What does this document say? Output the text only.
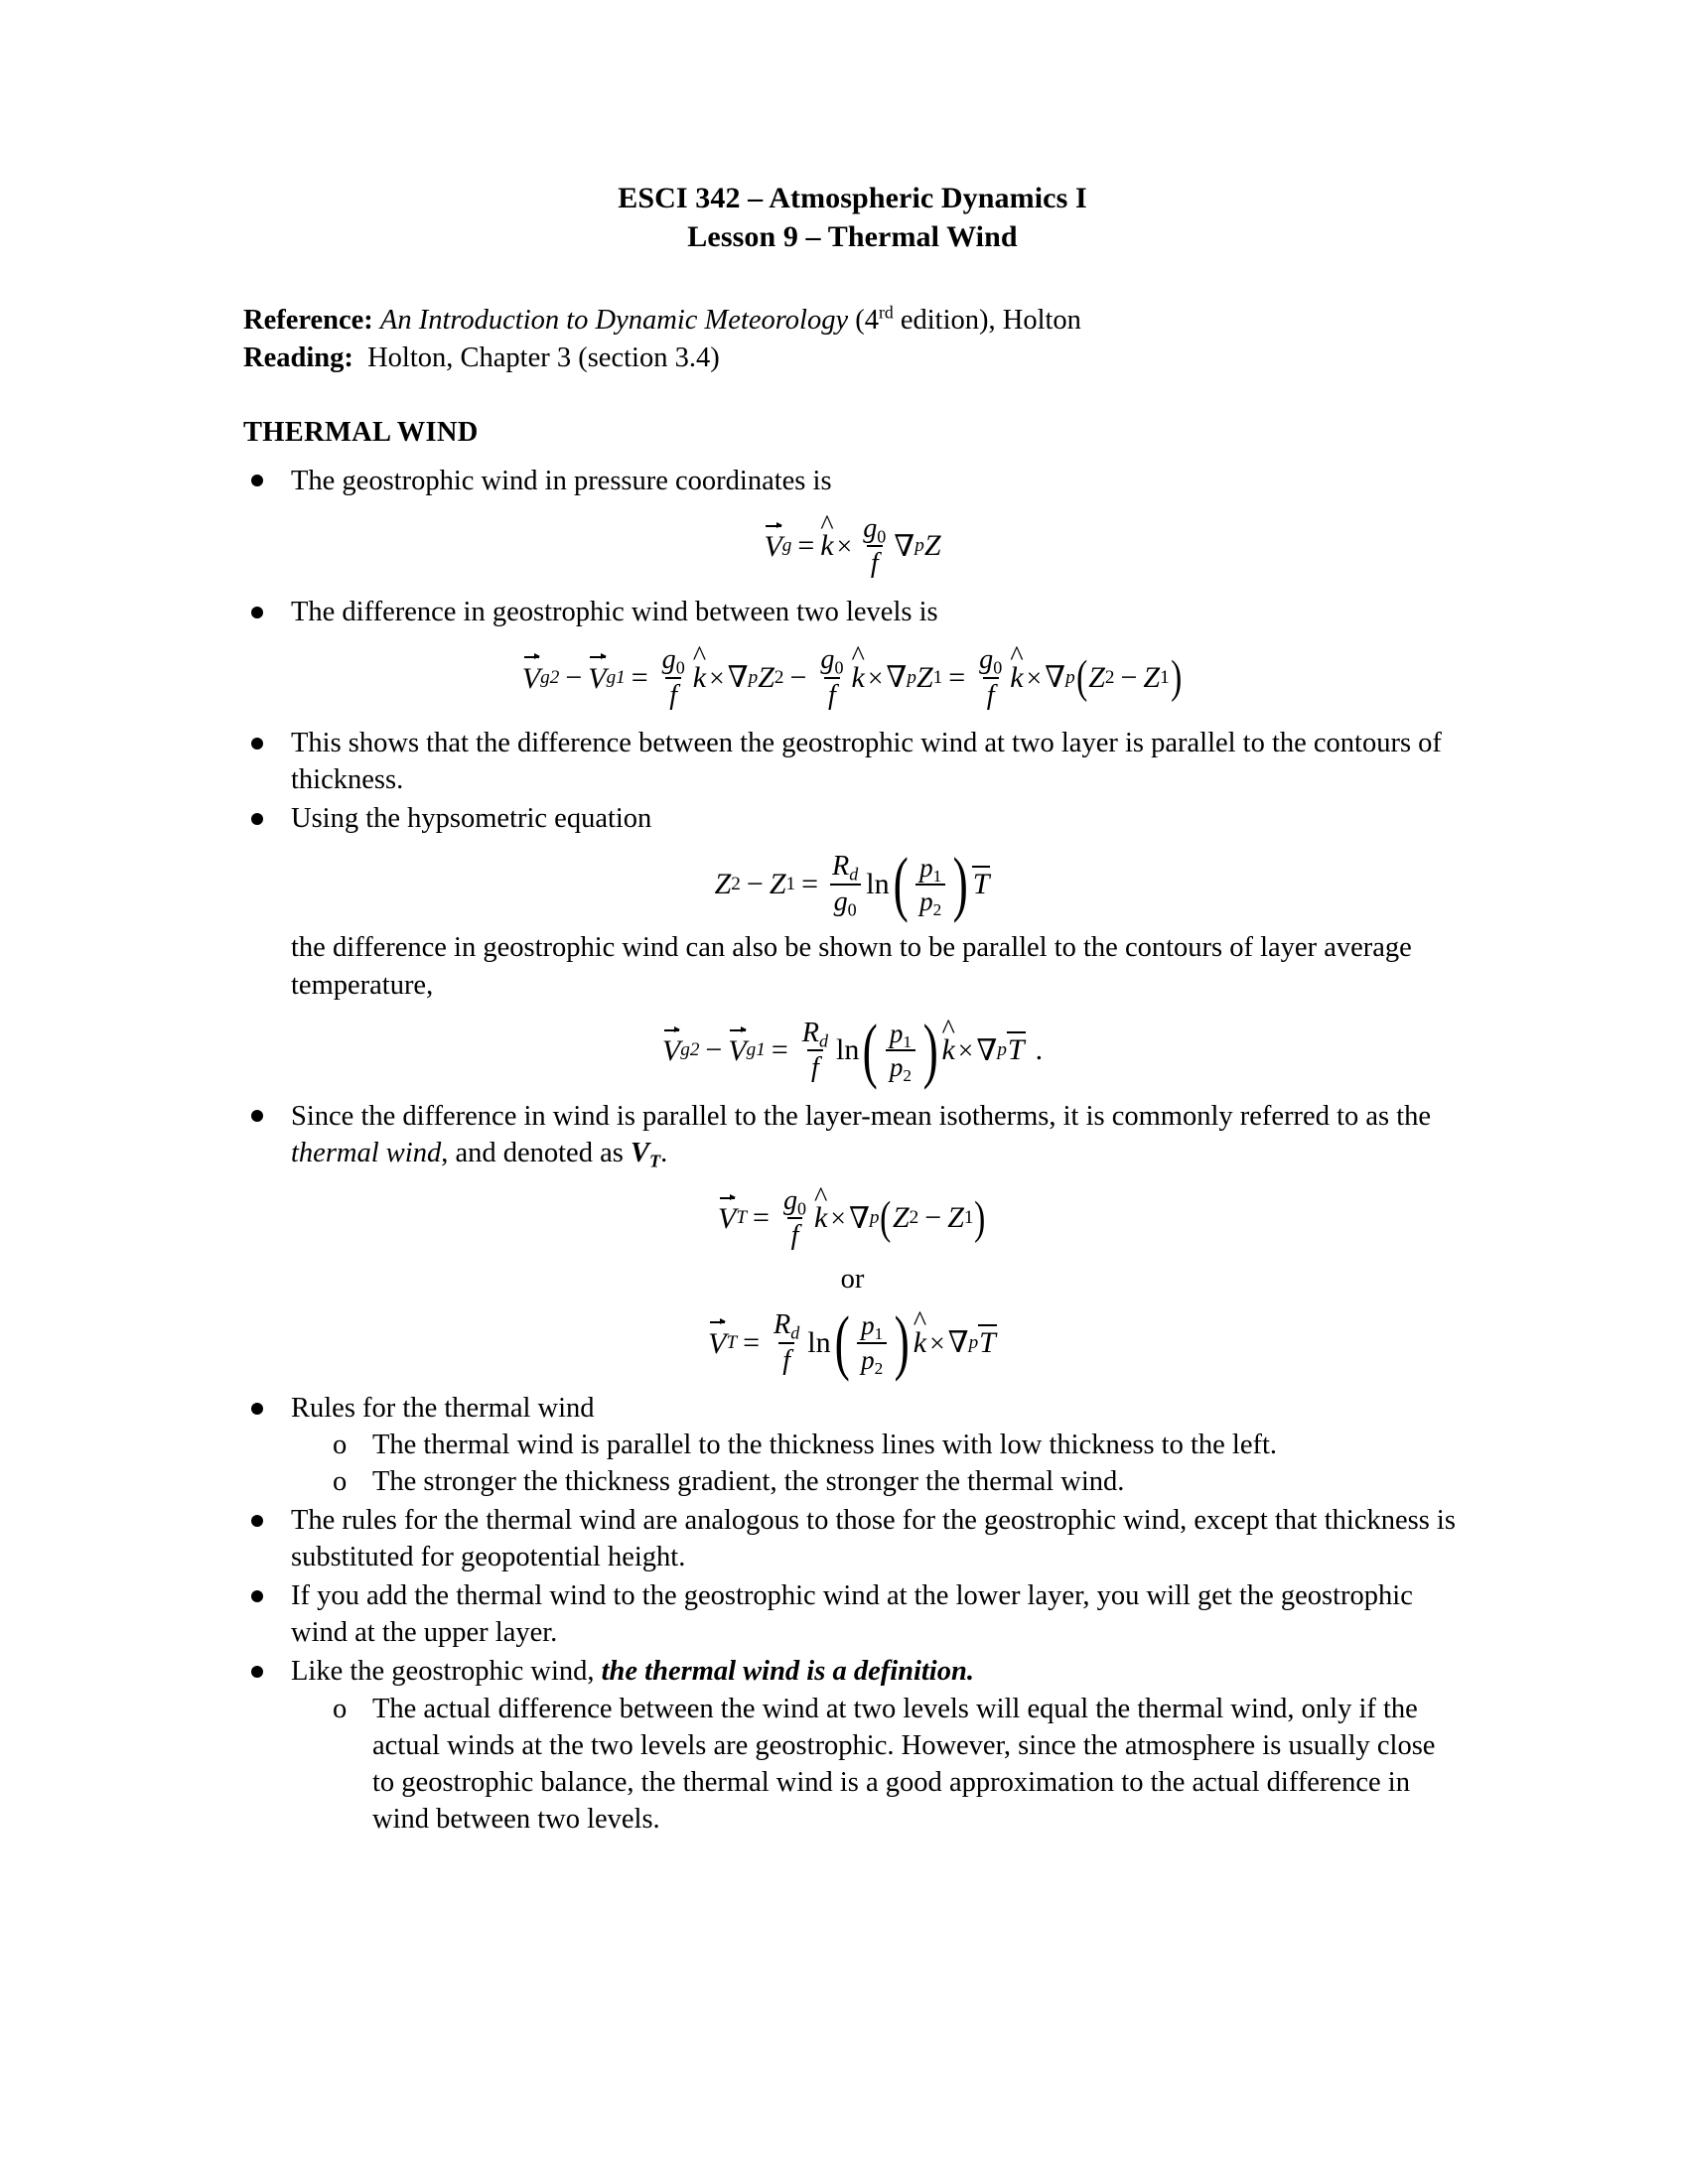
ESCI 342 – Atmospheric Dynamics I
Lesson 9 – Thermal Wind
Reference: An Introduction to Dynamic Meteorology (4rd edition), Holton
Reading: Holton, Chapter 3 (section 3.4)
THERMAL WIND
The geostrophic wind in pressure coordinates is
V g = ^ $k \times \frac{g_0}{f}$ ∇ p Z
The difference in geostrophic wind between two levels is
V g2 − V $g1 = \frac{g_0}{f}$ ^ k × ∇ p Z $2 - \frac{g_0}{f}$ ^ k × ∇ p Z $1 = \frac{g_0}{f}$ ^ k × ∇ p ( Z 2 − Z 1 )
This shows that the difference between the geostrophic wind at two layer is parallel to the contours of thickness.
Using the hypsometric equation
Z 2 − Z $1 = \frac{R_d}{g_0}$ ln ( $\frac{p_1}{p_2}$ ) T
the difference in geostrophic wind can also be shown to be parallel to the contours of layer average temperature,
V g2 − V $g1 = \frac{R_d}{f}$ ln ( $\frac{p_1}{p_2}$ ) ^ k × ∇ p T .
Since the difference in wind is parallel to the layer-mean isotherms, it is commonly referred to as the thermal wind, and denoted as $V_T$.
V $T = \frac{g_0}{f}$ ^ k × ∇ p ( Z 2 − Z 1 )
or
V $T = \frac{R_d}{f}$ ln ( $\frac{p_1}{p_2}$ ) ^ k × ∇ p T
Rules for the thermal wind
o The thermal wind is parallel to the thickness lines with low thickness to the left.
o The stronger the thickness gradient, the stronger the thermal wind.
The rules for the thermal wind are analogous to those for the geostrophic wind, except that thickness is substituted for geopotential height.
If you add the thermal wind to the geostrophic wind at the lower layer, you will get the geostrophic wind at the upper layer.
Like the geostrophic wind, the thermal wind is a definition.
o The actual difference between the wind at two levels will equal the thermal wind, only if the actual winds at the two levels are geostrophic. However, since the atmosphere is usually close to geostrophic balance, the thermal wind is a good approximation to the actual difference in wind between two levels.
